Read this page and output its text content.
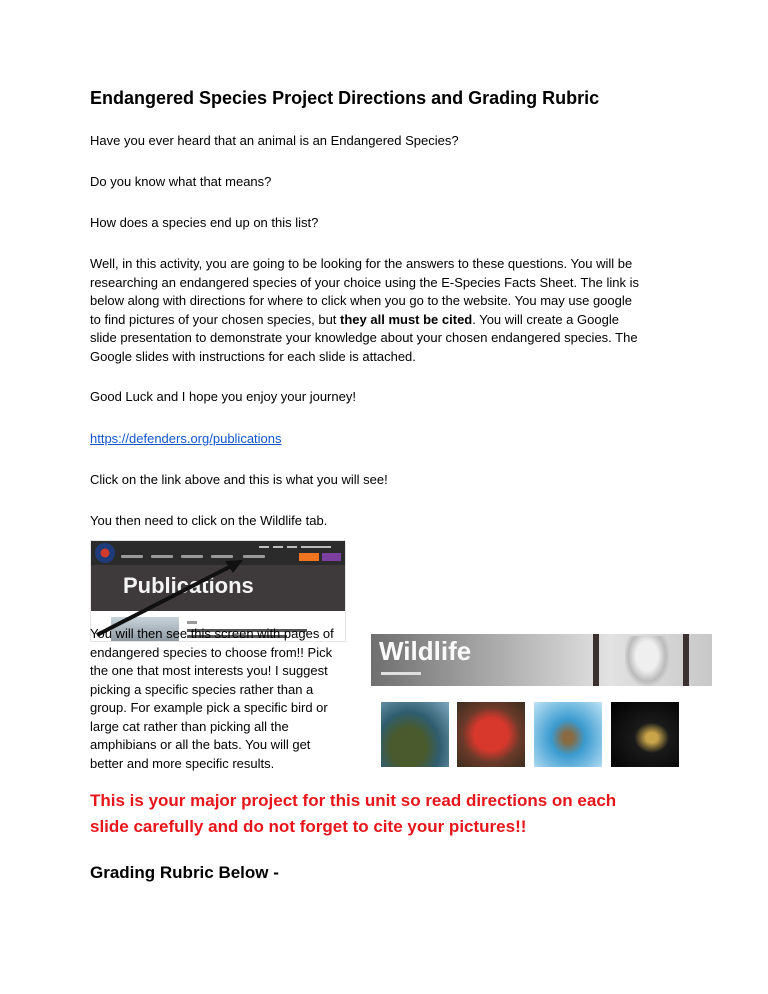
Endangered Species Project Directions and Grading Rubric

Have you ever heard that an animal is an Endangered Species?

Do you know what that means?

How does a species end up on this list?

Well, in this activity, you are going to be looking for the answers to these questions. You will be
researching an endangered species of your choice using the E-Species Facts Sheet. The link is
below along with directions for where to click when you go to the website. You may use google
to find pictures of your chosen species, but they all must be cited. You will create a Google
slide presentation to demonstrate your knowledge about your chosen endangered species. The
Google slides with instructions for each slide is attached.

Good Luck and I hope you enjoy your journey!

https://defenders.org/publications

Click on the link above and this is what you will see!

You then need to click on the Wildlife tab.

Publications
You will then see this screen with pages of
endangered species to choose from!! Pick
the one that most interests you! I suggest
picking a specific species rather than a
group. For example pick a specific bird or
large cat rather than picking all the
amphibians or all the bats. You will get
better and more specific results.
Wildlife
This is your major project for this unit so read directions on each
slide carefully and do not forget to cite your pictures!!
Grading Rubric Below -
